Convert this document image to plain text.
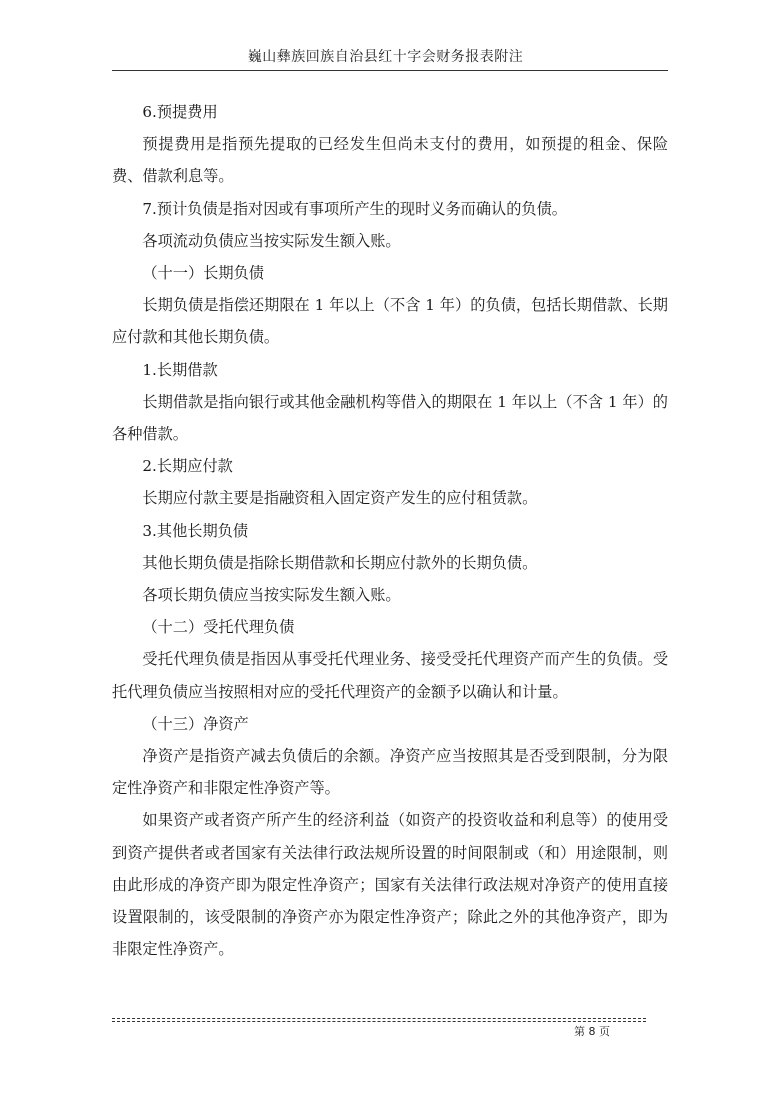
巍山彝族回族自治县红十字会财务报表附注

6.预提费用

预提费用是指预先提取的已经发生但尚未支付的费用，如预提的租金、保险费、借款利息等。

7.预计负债是指对因或有事项所产生的现时义务而确认的负债。

各项流动负债应当按实际发生额入账。

（十一）长期负债

长期负债是指偿还期限在 1 年以上（不含 1 年）的负债，包括长期借款、长期应付款和其他长期负债。

1.长期借款

长期借款是指向银行或其他金融机构等借入的期限在 1 年以上（不含 1 年）的各种借款。

2.长期应付款

长期应付款主要是指融资租入固定资产发生的应付租赁款。

3.其他长期负债

其他长期负债是指除长期借款和长期应付款外的长期负债。

各项长期负债应当按实际发生额入账。

（十二）受托代理负债

受托代理负债是指因从事受托代理业务、接受受托代理资产而产生的负债。受托代理负债应当按照相对应的受托代理资产的金额予以确认和计量。

（十三）净资产

净资产是指资产减去负债后的余额。净资产应当按照其是否受到限制，分为限定性净资产和非限定性净资产等。

如果资产或者资产所产生的经济利益（如资产的投资收益和利息等）的使用受到资产提供者或者国家有关法律行政法规所设置的时间限制或（和）用途限制，则由此形成的净资产即为限定性净资产；国家有关法律行政法规对净资产的使用直接设置限制的，该受限制的净资产亦为限定性净资产；除此之外的其他净资产，即为非限定性净资产。

第 8 页
